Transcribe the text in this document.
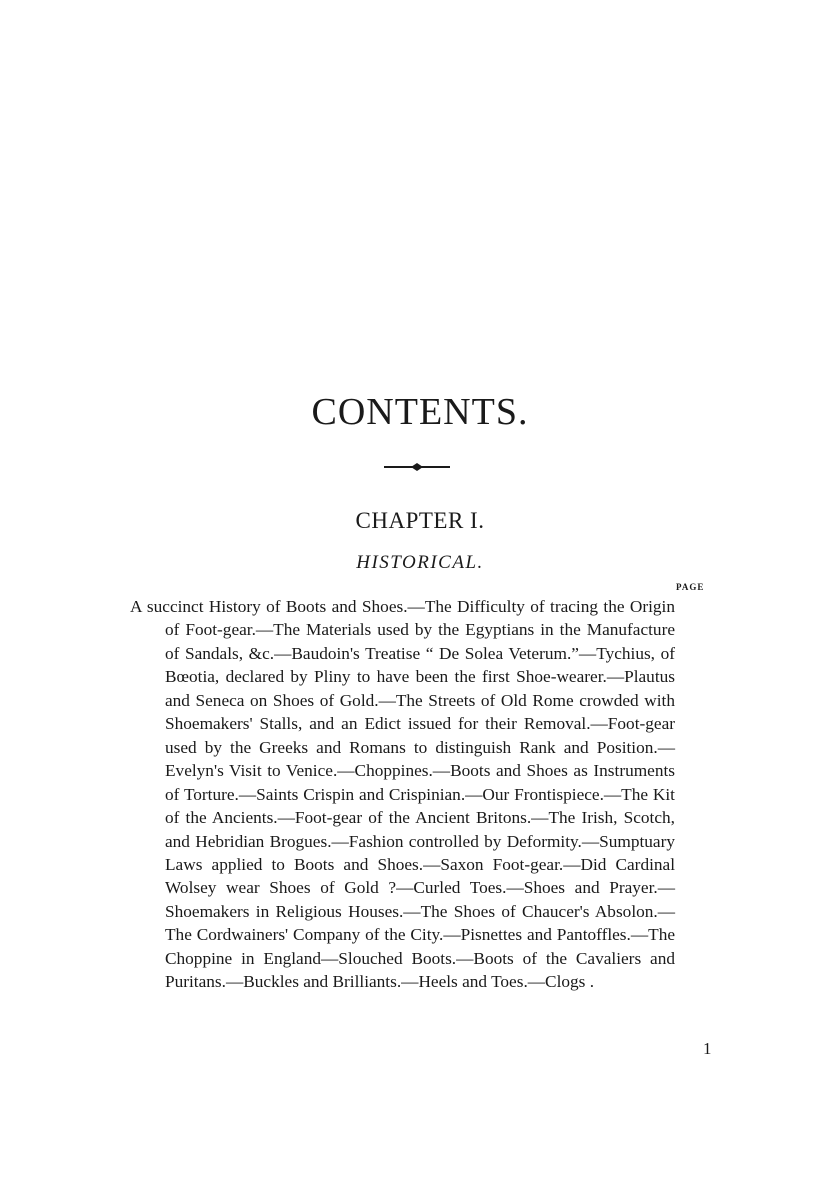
CONTENTS.
CHAPTER I.
HISTORICAL.
PAGE

A succinct History of Boots and Shoes.—The Difficulty of tracing the Origin of Foot-gear.—The Materials used by the Egyptians in the Manufacture of Sandals, &c.—Baudoin's Treatise “ De Solea Veterum.”—Tychius, of Bœotia, declared by Pliny to have been the first Shoe-wearer.—Plautus and Seneca on Shoes of Gold.—The Streets of Old Rome crowded with Shoemakers' Stalls, and an Edict issued for their Removal.—Foot-gear used by the Greeks and Romans to distinguish Rank and Position.—Evelyn's Visit to Venice.—Choppines.—Boots and Shoes as Instruments of Torture.—Saints Crispin and Crispinian.—Our Frontispiece.—The Kit of the Ancients.—Foot-gear of the Ancient Britons.—The Irish, Scotch, and Hebridian Brogues.—Fashion controlled by Deformity.—Sumptuary Laws applied to Boots and Shoes.—Saxon Foot-gear.—Did Cardinal Wolsey wear Shoes of Gold ?—Curled Toes.—Shoes and Prayer.—Shoemakers in Religious Houses.—The Shoes of Chaucer's Absolon.—The Cordwainers' Company of the City.—Pisnettes and Pantoffles.—The Choppine in England—Slouched Boots.—Boots of the Cavaliers and Puritans.—Buckles and Brilliants.—Heels and Toes.—Clogs .

1
